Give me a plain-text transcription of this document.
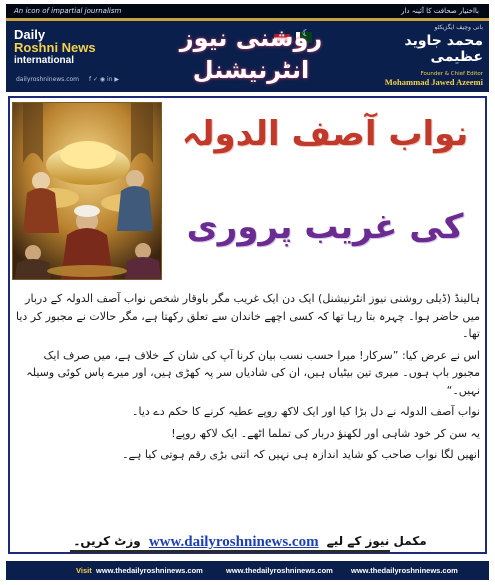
An icon of impartial journalism	بااختیار صحافت کا آئینہ دار
Daily
Roshni News
international
dailyroshninews.com f ✓ ◉ in ▶
☾
روشنی نیوز انٹرنیشنل
DAILY ROSHNI NEWS INTERNATIONAL
بانی وچیف ایگزیکٹو
محمد جاوید عظیمی
Founder & Chief Editor
Mohammad Jawed Azeemi
نواب آصف الدولہ
کی غریب پروری

ہالینڈ (ڈیلی روشنی نیوز انٹرنیشنل) ایک دن ایک غریب مگر باوقار شخص نواب آصف الدولہ کے دربار میں حاضر ہوا۔ چہرہ بتا رہا تھا کہ کسی اچھے خاندان سے تعلق رکھتا ہے، مگر حالات نے مجبور کر دیا تھا۔

اس نے عرض کیا: ”سرکار! میرا حسب نسب بیان کرنا آپ کی شان کے خلاف ہے، میں صرف ایک مجبور باپ ہوں۔ میری تین بیٹیاں ہیں، ان کی شادیاں سر پہ کھڑی ہیں، اور میرے پاس کوئی وسیلہ نہیں۔“

نواب آصف الدولہ نے دل بڑا کیا اور ایک لاکھ روپے عطیہ کرنے کا حکم دے دیا۔

یہ سن کر خود شاہی اور لکھنؤ دربار کی تملما اٹھے۔ ایک لاکھ روپے!

انھیں لگا نواب صاحب کو شاید اندازہ ہی نہیں کہ اتنی بڑی رقم ہوتی کیا ہے۔

وزٹ کریں۔ www.dailyroshninews.com مکمل نیوز کے لیے
Visit www.thedailyroshninews.com	www.thedailyroshninews.com www.thedailyroshninews.com
